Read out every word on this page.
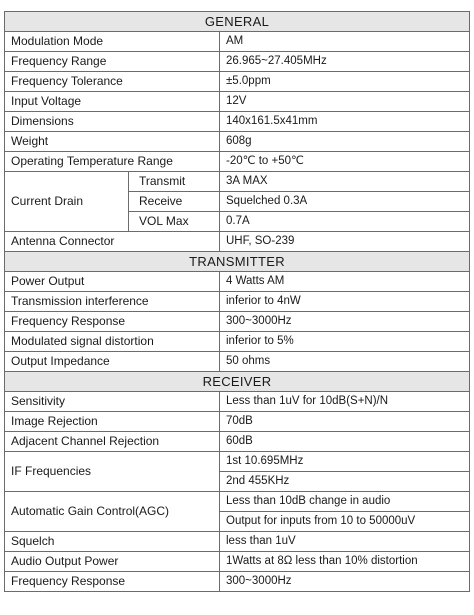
GENERAL		
Modulation Mode		AM
Frequency Range		26.965~27.405MHz
Frequency Tolerance		±5.0ppm
Input Voltage		12V
Dimensions		140x161.5x41mm
Weight		608g
Operating Temperature Range		-20℃ to +50℃
Current Drain	Transmit	3A MAX
	Receive	Squelched 0.3A
	VOL Max	0.7A
Antenna Connector		UHF, SO-239
TRANSMITTER		
Power Output		4 Watts AM
Transmission interference		inferior to 4nW
Frequency Response		300~3000Hz
Modulated signal distortion		inferior to 5%
Output Impedance		50 ohms
RECEIVER		
Sensitivity		Less than 1uV for 10dB(S+N)/N
Image Rejection		70dB
Adjacent Channel Rejection		60dB
IF Frequencies		1st 10.695MHz
		2nd 455KHz
Automatic Gain Control(AGC)		Less than 10dB change in audio
		Output for inputs from 10 to 50000uV
Squelch		less than 1uV
Audio Output Power		1Watts at 8Ω less than 10% distortion
Frequency Response		300~3000Hz
